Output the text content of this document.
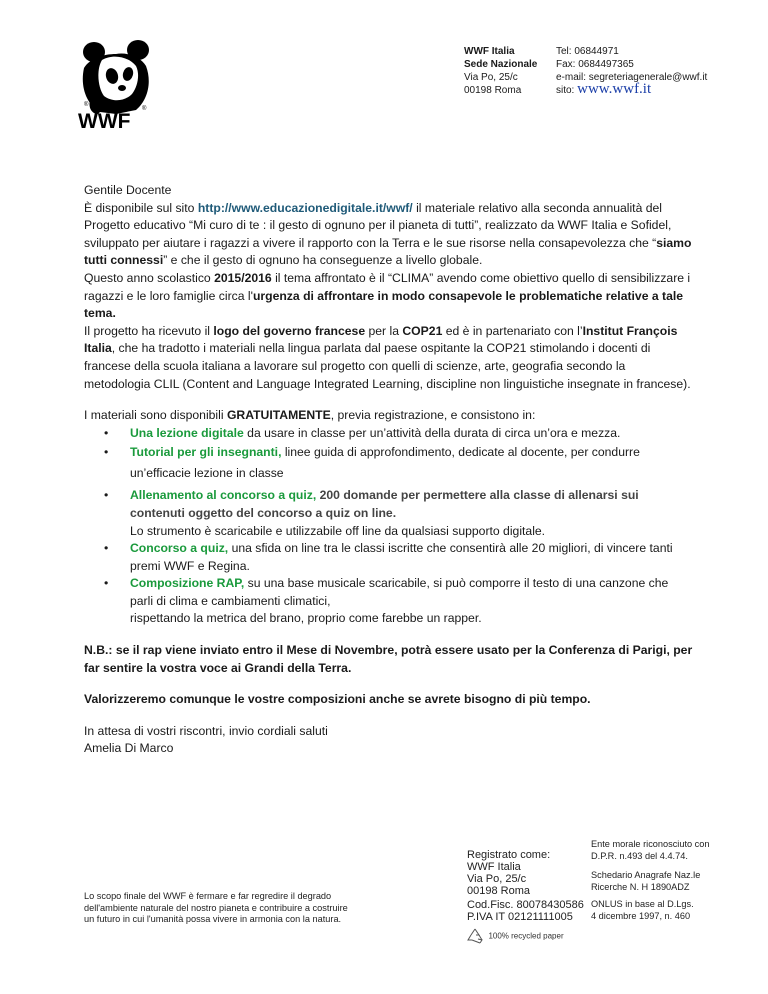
®
®
WWF
WWF Italia
Sede Nazionale
Via Po, 25/c
00198 Roma
Tel: 06844971
Fax: 0684497365
e-mail: segreteriagenerale@wwf.it
sito: www.wwf.it

Gentile Docente

È disponibile sul sito http://www.educazionedigitale.it/wwf/ il materiale relativo alla seconda annualità del Progetto educativo “Mi curo di te : il gesto di ognuno per il pianeta di tutti”, realizzato da WWF Italia e Sofidel, sviluppato per aiutare i ragazzi a vivere il rapporto con la Terra e le sue risorse nella consapevolezza che “siamo tutti connessi” e che il gesto di ognuno ha conseguenze a livello globale.

Questo anno scolastico 2015/2016 il tema affrontato è il “CLIMA” avendo come obiettivo quello di sensibilizzare i ragazzi e le loro famiglie circa l'urgenza di affrontare in modo consapevole le problematiche relative a tale tema.

Il progetto ha ricevuto il logo del governo francese per la COP21 ed è in partenariato con l’Institut François Italia, che ha tradotto i materiali nella lingua parlata dal paese ospitante la COP21 stimolando i docenti di francese della scuola italiana a lavorare sul progetto con quelli di scienze, arte, geografia secondo la metodologia CLIL (Content and Language Integrated Learning, discipline non linguistiche insegnate in francese).

I materiali sono disponibili GRATUITAMENTE, previa registrazione, e consistono in:

• Una lezione digitale da usare in classe per un’attività della durata di circa un’ora e mezza.
• Tutorial per gli insegnanti, linee guida di approfondimento, dedicate al docente, per condurre un’efficacie lezione in classe
• Allenamento al concorso a quiz, 200 domande per permettere alla classe di allenarsi sui contenuti oggetto del concorso a quiz on line.
Lo strumento è scaricabile e utilizzabile off line da qualsiasi supporto digitale.
• Concorso a quiz, una sfida on line tra le classi iscritte che consentirà alle 20 migliori, di vincere tanti premi WWF e Regina.
• Composizione RAP, su una base musicale scaricabile, si può comporre il testo di una canzone che parli di clima e cambiamenti climatici,
rispettando la metrica del brano, proprio come farebbe un rapper.

N.B.: se il rap viene inviato entro il Mese di Novembre, potrà essere usato per la Conferenza di Parigi, per far sentire la vostra voce ai Grandi della Terra.

Valorizzeremo comunque le vostre composizioni anche se avrete bisogno di più tempo.

In attesa di vostri riscontri, invio cordiali saluti

Amelia Di Marco

Lo scopo finale del WWF è fermare e far regredire il degrado
dell'ambiente naturale del nostro pianeta e contribuire a costruire
un futuro in cui l'umanità possa vivere in armonia con la natura.
Registrato come:
WWF Italia
Via Po, 25/c
00198 Roma
Cod.Fisc. 80078430586
P.IVA IT 02121111005
Ente morale riconosciuto con
D.P.R. n.493 del 4.4.74.
Schedario Anagrafe Naz.le
Ricerche N. H 1890ADZ
ONLUS in base al D.Lgs.
4 dicembre 1997, n. 460
100% recycled paper
